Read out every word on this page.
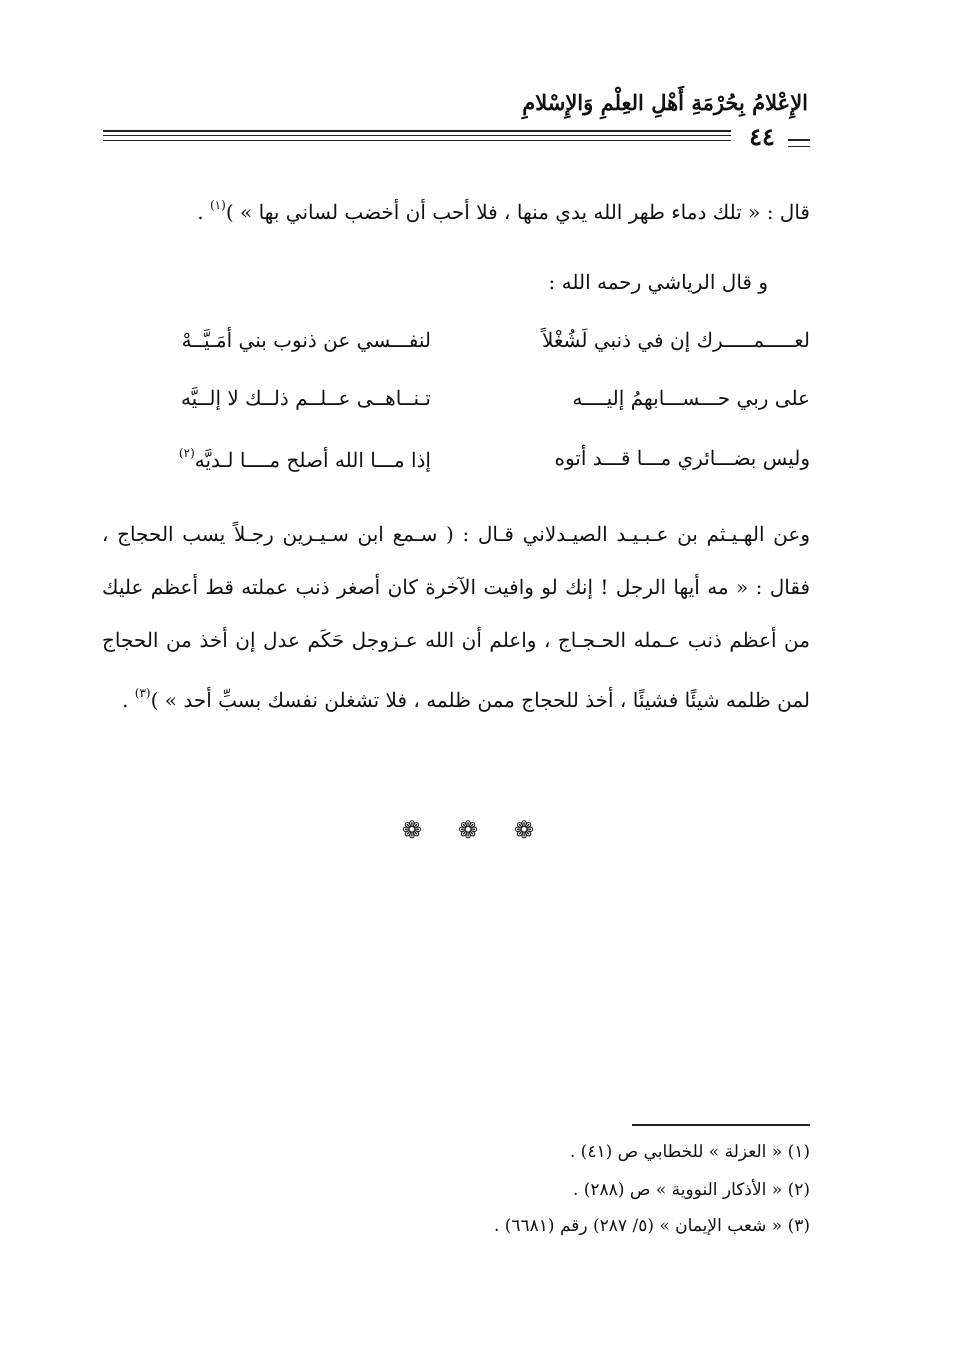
الإِعْلامُ بِحُرْمَةِ أَهْلِ العِلْمِ وَالإِسْلامِ
٤٤
قال : « تلك دماء طهر الله يدي منها ، فلا أحب أن أخضب لساني بها » )$^{(١)}$ .
و قال الرياشي رحمه الله :
لعـــــمـــــرك إن في ذنبي لَشُغْلاً
لنفـــسي عن ذنوب بني أمَـيَّــهْ
على ربي حـــســـابهمُ إليــــه
تـنــاهــى عــلــم ذلــك لا إلــيَّه
وليس بضـــائري مـــا قـــد أتوه
إذا مـــا الله أصلح مــــا لـديَّه$^{(٢)}$
وعن الهـيـثم بن عـبـيـد الصيـدلاني قـال : ( سـمع ابن سـيـرين رجـلاً يسب الحجاج ، فقال : « مه أيها الرجل ! إنك لو وافيت الآخرة كان أصغر ذنب عملته قط أعظم عليك من أعظم ذنب عـمله الحـجـاج ، واعلم أن الله عـزوجل حَكَم عدل إن أخذ من الحجاج لمن ظلمه شيئًا فشيئًا ، أخذ للحجاج ممن ظلمه ، فلا تشغلن نفسك بسبِّ أحد » )$^{(٣)}$ .
❁ ❁ ❁
(١) « العزلة » للخطابي ص (٤١) .
(٢) « الأذكار النووية » ص (٢٨٨) .
(٣) « شعب الإيمان » (٥/ ٢٨٧) رقم (٦٦٨١) .
